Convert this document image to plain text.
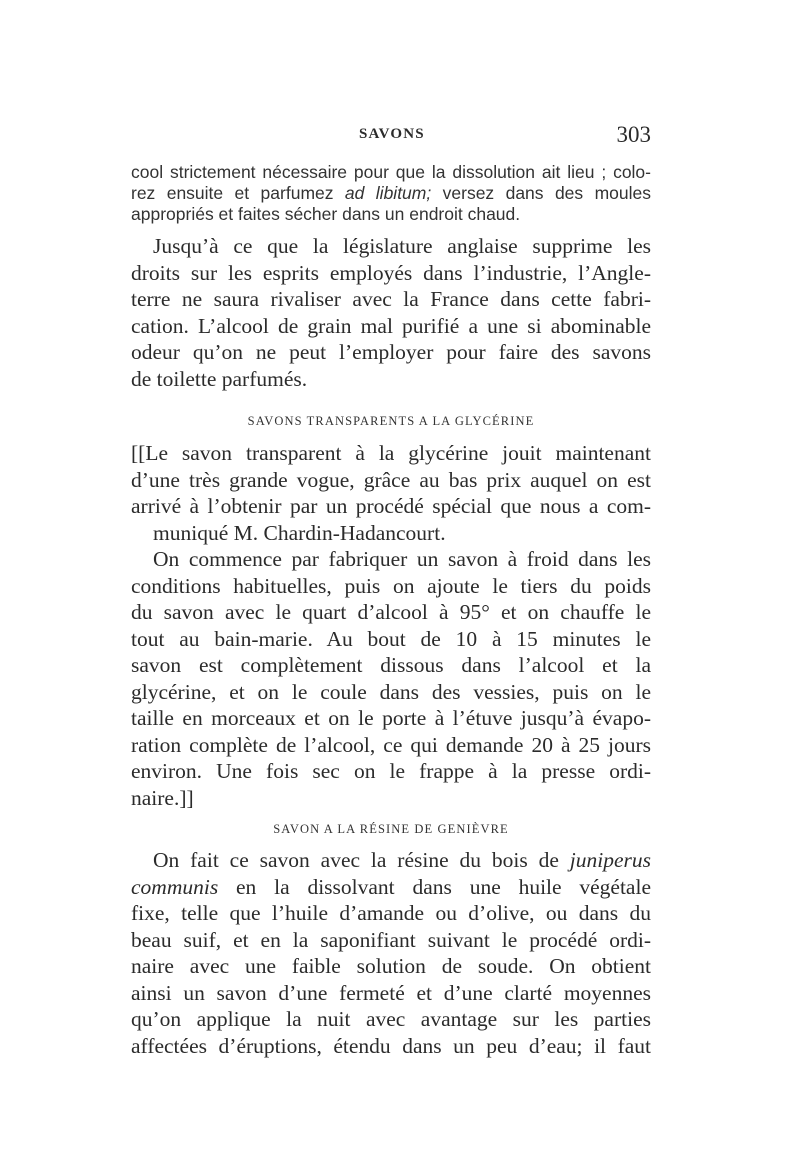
SAVONS	303
cool strictement nécessaire pour que la dissolution ait lieu ; colo-
rez ensuite et parfumez ad libitum; versez dans des moules
appropriés et faites sécher dans un endroit chaud.
Jusqu’à ce que la législature anglaise supprime les
droits sur les esprits employés dans l’industrie, l’Angle-
terre ne saura rivaliser avec la France dans cette fabri-
cation. L’alcool de grain mal purifié a une si abominable
odeur qu’on ne peut l’employer pour faire des savons
de toilette parfumés.
SAVONS TRANSPARENTS A LA GLYCÉRINE
[[Le savon transparent à la glycérine jouit maintenant
d’une très grande vogue, grâce au bas prix auquel on est
arrivé à l’obtenir par un procédé spécial que nous a com-
muniqué M. Chardin-Hadancourt.
On commence par fabriquer un savon à froid dans les
conditions habituelles, puis on ajoute le tiers du poids
du savon avec le quart d’alcool à 95° et on chauffe le
tout au bain-marie. Au bout de 10 à 15 minutes le
savon est complètement dissous dans l’alcool et la
glycérine, et on le coule dans des vessies, puis on le
taille en morceaux et on le porte à l’étuve jusqu’à évapo-
ration complète de l’alcool, ce qui demande 20 à 25 jours
environ. Une fois sec on le frappe à la presse ordi-
naire.]]
SAVON A LA RÉSINE DE GENIÈVRE
On fait ce savon avec la résine du bois de juniperus
communis en la dissolvant dans une huile végétale
fixe, telle que l’huile d’amande ou d’olive, ou dans du
beau suif, et en la saponifiant suivant le procédé ordi-
naire avec une faible solution de soude. On obtient
ainsi un savon d’une fermeté et d’une clarté moyennes
qu’on applique la nuit avec avantage sur les parties
affectées d’éruptions, étendu dans un peu d’eau; il faut
